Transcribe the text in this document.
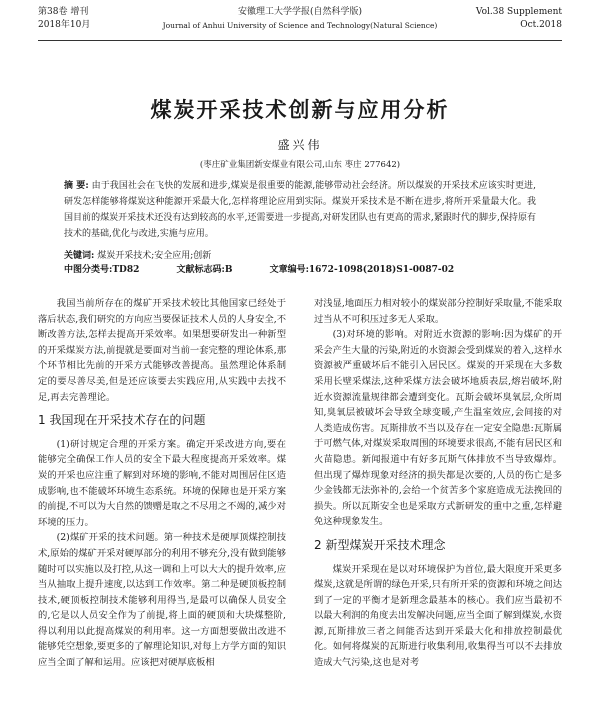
第38卷 增刊
2018年10月
安徽理工大学学报(自然科学版)
Journal of Anhui University of Science and Technology(Natural Science)
Vol.38 Supplement
Oct.2018
煤炭开采技术创新与应用分析
盛兴伟
(枣庄矿业集团新安煤业有限公司,山东 枣庄 277642)
摘 要: 由于我国社会在飞快的发展和进步,煤炭是很重要的能源,能够带动社会经济。所以煤炭的开采技术应该实时更进,研发怎样能够将煤炭这种能源开采最大化,怎样将理论应用到实际。煤炭开采技术是不断在进步,将所开采量最大化。我国目前的煤炭开采技术还没有达到较高的水平,还需要进一步提高,对研发团队也有更高的需求,紧跟时代的脚步,保持原有技术的基础,优化与改进,实施与应用。
关键词: 煤炭开采技术;安全应用;创新
中图分类号:TD82	文献标志码:B	文章编号:1672-1098(2018)S1-0087-02

我国当前所存在的煤矿开采技术较比其他国家已经处于落后状态,我们研究的方向应当要保证技术人员的人身安全,不断改善方法,怎样去提高开采效率。如果想要研发出一种新型的开采煤炭方法,前提就是要面对当前一套完整的理论体系,那个环节相比先前的开采方式能够改善提高。虽然理论体系制定的要尽善尽美,但是还应该要去实践应用,从实践中去找不足,再去完善理论。

1 我国现在开采技术存在的问题

(1)研讨规定合理的开采方案。确定开采改进方向,要在能够完全确保工作人员的安全下最大程度提高开采效率。煤炭的开采也应注重了解到对环境的影响,不能对周围居住区造成影响,也不能破坏环境生态系统。环境的保障也是开采方案的前提,不可以为大自然的馈赠是取之不尽用之不竭的,减少对环境的压力。

(2)煤矿开采的技术问题。第一种技术是硬厚顶煤控制技术,原始的煤矿开采对硬厚部分的利用不够充分,没有做到能够随时可以实施以及打控,从这一调和上可以大大的提升效率,应当从抽取上提升速度,以达到工作效率。第二种是硬顶板控制技术,硬顶板控制技术能够利用得当,是最可以确保人员安全的,它是以人员安全作为了前提,将上面的硬顶和大块煤整阶,得以利用以此提高煤炭的利用率。这一方面想要做出改进不能够凭空想象,要更多的了解理论知识,对每上方学方面的知识应当全面了解和运用。应该把对硬厚底板相

对浅显,地面压力相对较小的煤炭部分控制好采取量,不能采取过当从不可积压过多无人采取。

(3)对环境的影响。对附近水资源的影响:因为煤矿的开采会产生大量的污染,附近的水资源会受到煤炭的着入,这样水资源被严重破坏后不能引入居民区。煤炭的开采现在大多数采用长壁采煤法,这种采煤方法会破坏地质表层,熔岩破坏,附近水资源流量规律都会遭到变化。瓦斯会破坏臭氧层,众所周知,臭氧层被破坏会导致全球变暖,产生温室效应,会间接的对人类造成伤害。瓦斯排放不当以及存在一定安全隐患:瓦斯属于可燃气体,对煤炭采取周围的环境要求很高,不能有居民区和火苗隐患。新闻报道中有好多瓦斯气体排放不当导致爆炸。但出现了爆炸现象对经济的损失都是次要的,人员的伤亡是多少金钱都无法弥补的,会给一个贫苦多个家庭造成无法挽回的损失。所以瓦斯安全也是采取方式新研发的重中之重,怎样避免这种现象发生。

2 新型煤炭开采技术理念

煤炭开采现在是以对环境保护为首位,最大限度开采更多煤炭,这就是所谓的绿色开采,只有所开采的资源和环境之间达到了一定的平衡才是新理念最基本的核心。我们应当最初不以最大利润的角度去出发解决问题,应当全面了解到煤炭,水资源,瓦斯排放三者之间能否达到开采最大化和排放控制最优化。如何将煤炭的瓦斯进行收集利用,收集得当可以不去排放造成大气污染,这也是对考
